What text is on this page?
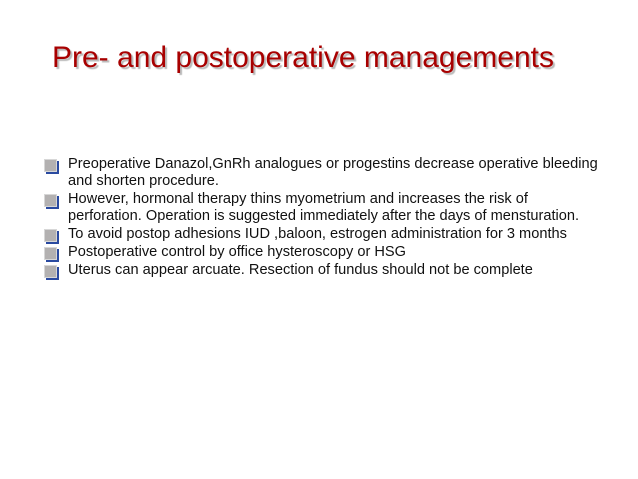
Pre- and postoperative managements
Preoperative Danazol,GnRh analogues or progestins decrease operative bleeding and shorten procedure.
However, hormonal therapy thins myometrium and increases the risk of perforation. Operation is suggested immediately after the days of mensturation.
To avoid postop adhesions IUD ,baloon, estrogen administration for 3 months
Postoperative control by office hysteroscopy or HSG
Uterus can appear arcuate. Resection of fundus should not be complete
